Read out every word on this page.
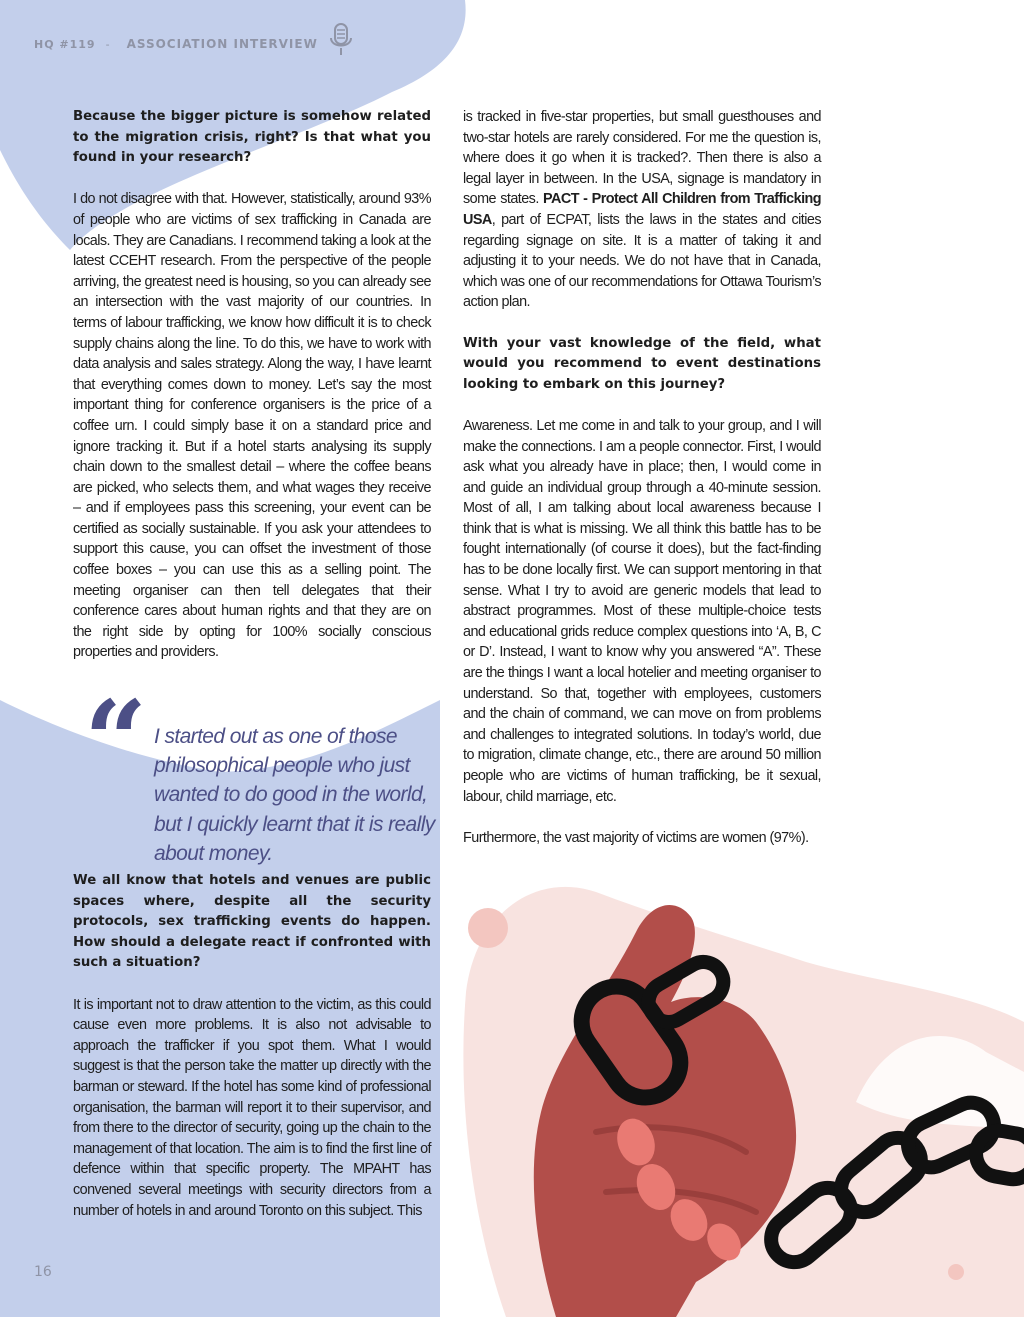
HQ #119 - ASSOCIATION INTERVIEW

Because the bigger picture is somehow related to the migration crisis, right? Is that what you found in your research?

I do not disagree with that. However, statistically, around 93% of people who are victims of sex trafficking in Canada are locals. They are Canadians. I recommend taking a look at the latest CCEHT research. From the perspective of the people arriving, the greatest need is housing, so you can already see an intersection with the vast majority of our countries. In terms of labour trafficking, we know how difficult it is to check supply chains along the line. To do this, we have to work with data analysis and sales strategy. Along the way, I have learnt that everything comes down to money. Let’s say the most important thing for conference organisers is the price of a coffee urn. I could simply base it on a standard price and ignore tracking it. But if a hotel starts analysing its supply chain down to the smallest detail – where the coffee beans are picked, who selects them, and what wages they receive – and if employees pass this screening, your event can be certified as socially sustainable. If you ask your attendees to support this cause, you can offset the investment of those coffee boxes – you can use this as a selling point. The meeting organiser can then tell delegates that their conference cares about human rights and that they are on the right side by opting for 100% socially conscious properties and providers.

“ I started out as one of those philosophical people who just wanted to do good in the world, but I quickly learnt that it is really about money.

We all know that hotels and venues are public spaces where, despite all the security protocols, sex trafficking events do happen. How should a delegate react if confronted with such a situation?

It is important not to draw attention to the victim, as this could cause even more problems. It is also not advisable to approach the trafficker if you spot them. What I would suggest is that the person take the matter up directly with the barman or steward. If the hotel has some kind of professional organisation, the barman will report it to their supervisor, and from there to the director of security, going up the chain to the management of that location. The aim is to find the first line of defence within that specific property. The MPAHT has convened several meetings with security directors from a number of hotels in and around Toronto on this subject. This

is tracked in five-star properties, but small guesthouses and two-star hotels are rarely considered. For me the question is, where does it go when it is tracked?. Then there is also a legal layer in between. In the USA, signage is mandatory in some states. PACT - Protect All Children from Trafficking USA, part of ECPAT, lists the laws in the states and cities regarding signage on site. It is a matter of taking it and adjusting it to your needs. We do not have that in Canada, which was one of our recommendations for Ottawa Tourism’s action plan.

With your vast knowledge of the field, what would you recommend to event destinations looking to embark on this journey?

Awareness. Let me come in and talk to your group, and I will make the connections. I am a people connector. First, I would ask what you already have in place; then, I would come in and guide an individual group through a 40-minute session. Most of all, I am talking about local awareness because I think that is what is missing. We all think this battle has to be fought internationally (of course it does), but the fact-finding has to be done locally first. We can support mentoring in that sense. What I try to avoid are generic models that lead to abstract programmes. Most of these multiple-choice tests and educational grids reduce complex questions into ‘A, B, C or D’. Instead, I want to know why you answered “A”. These are the things I want a local hotelier and meeting organiser to understand. So that, together with employees, customers and the chain of command, we can move on from problems and challenges to integrated solutions. In today’s world, due to migration, climate change, etc., there are around 50 million people who are victims of human trafficking, be it sexual, labour, child marriage, etc.

Furthermore, the vast majority of victims are women (97%).

16
